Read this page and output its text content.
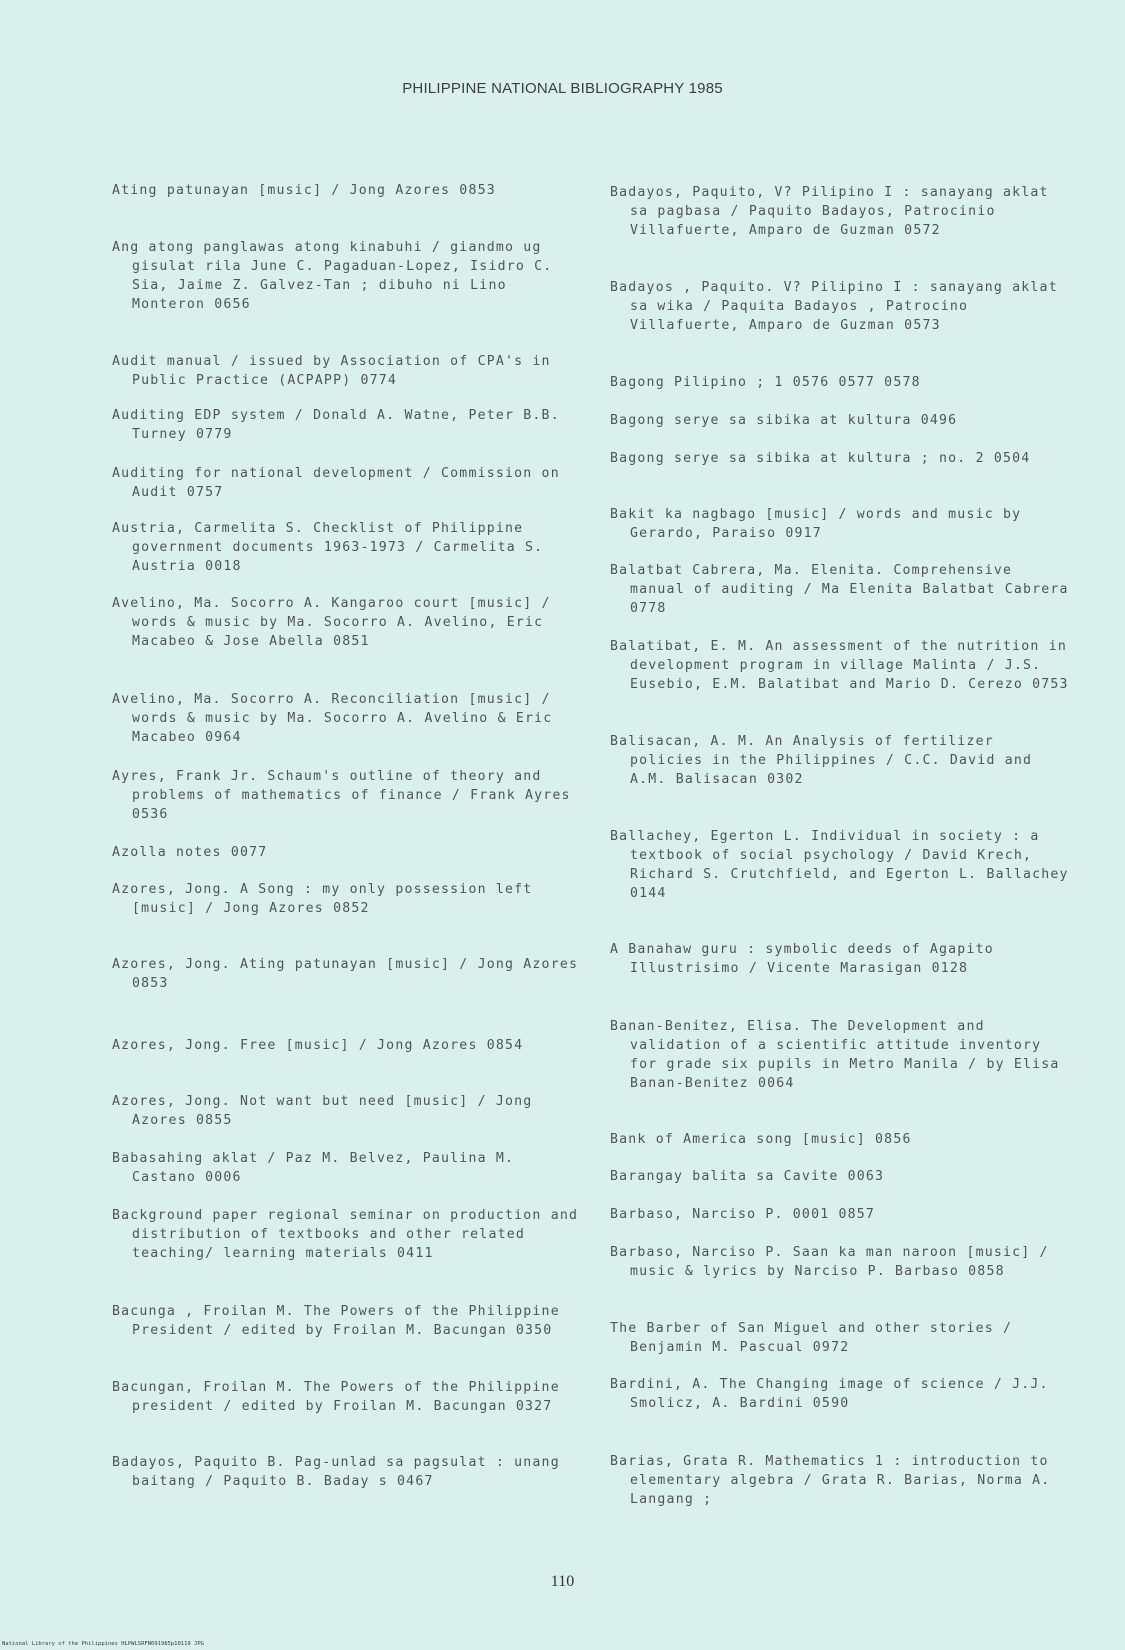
PHILIPPINE NATIONAL BIBLIOGRAPHY 1985
Ating patunayan [music] / Jong Azores 0853
Ang atong panglawas atong kinabuhi / giandmo ug gisulat rila June C. Pagaduan-Lopez, Isidro C. Sia, Jaime Z. Galvez-Tan ; dibuho ni Lino Monteron 0656
Audit manual / issued by Association of CPA's in Public Practice (ACPAPP) 0774
Auditing EDP system / Donald A. Watne, Peter B.B. Turney 0779
Auditing for national development / Commission on Audit 0757
Austria, Carmelita S. Checklist of Philippine government documents 1963-1973 / Carmelita S. Austria 0018
Avelino, Ma. Socorro A. Kangaroo court [music] / words & music by Ma. Socorro A. Avelino, Eric Macabeo & Jose Abella 0851
Avelino, Ma. Socorro A. Reconciliation [music] / words & music by Ma. Socorro A. Avelino & Eric Macabeo 0964
Ayres, Frank Jr. Schaum's outline of theory and problems of mathematics of finance / Frank Ayres 0536
Azolla notes 0077
Azores, Jong. A Song : my only possession left [music] / Jong Azores 0852
Azores, Jong. Ating patunayan [music] / Jong Azores 0853
Azores, Jong. Free [music] / Jong Azores 0854
Azores, Jong. Not want but need [music] / Jong Azores 0855
Babasahing aklat / Paz M. Belvez, Paulina M. Castano 0006
Background paper regional seminar on production and distribution of textbooks and other related teaching/ learning materials 0411
Bacunga , Froilan M. The Powers of the Philippine President / edited by Froilan M. Bacungan 0350
Bacungan, Froilan M. The Powers of the Philippine president / edited by Froilan M. Bacungan 0327
Badayos, Paquito B. Pag-unlad sa pagsulat : unang baitang / Paquito B. Baday s 0467
Badayos, Paquito, V? Pilipino I : sanayang aklat sa pagbasa / Paquito Badayos, Patrocinio Villafuerte, Amparo de Guzman 0572
Badayos , Paquito. V? Pilipino I : sanayang aklat sa wika / Paquita Badayos , Patrocino Villafuerte, Amparo de Guzman 0573
Bagong Pilipino ; 1 0576 0577 0578
Bagong serye sa sibika at kultura 0496
Bagong serye sa sibika at kultura ; no. 2 0504
Bakit ka nagbago [music] / words and music by Gerardo, Paraiso 0917
Balatbat Cabrera, Ma. Elenita. Comprehensive manual of auditing / Ma Elenita Balatbat Cabrera 0778
Balatibat, E. M. An assessment of the nutrition in development program in village Malinta / J.S. Eusebio, E.M. Balatibat and Mario D. Cerezo 0753
Balisacan, A. M. An Analysis of fertilizer policies in the Philippines / C.C. David and A.M. Balisacan 0302
Ballachey, Egerton L. Individual in society : a textbook of social psychology / David Krech, Richard S. Crutchfield, and Egerton L. Ballachey 0144
A Banahaw guru : symbolic deeds of Agapito Illustrisimo / Vicente Marasigan 0128
Banan-Benitez, Elisa. The Development and validation of a scientific attitude inventory for grade six pupils in Metro Manila / by Elisa Banan-Benitez 0064
Bank of America song [music] 0856
Barangay balita sa Cavite 0063
Barbaso, Narciso P. 0001 0857
Barbaso, Narciso P. Saan ka man naroon [music] / music & lyrics by Narciso P. Barbaso 0858
The Barber of San Miguel and other stories / Benjamin M. Pascual 0972
Bardini, A. The Changing image of science / J.J. Smolicz, A. Bardini 0590
Barias, Grata R. Mathematics 1 : introduction to elementary algebra / Grata R. Barias, Norma A. Langang ;
110
National Library of the Philippines HLPWLSRFN091985p10119 JPG
